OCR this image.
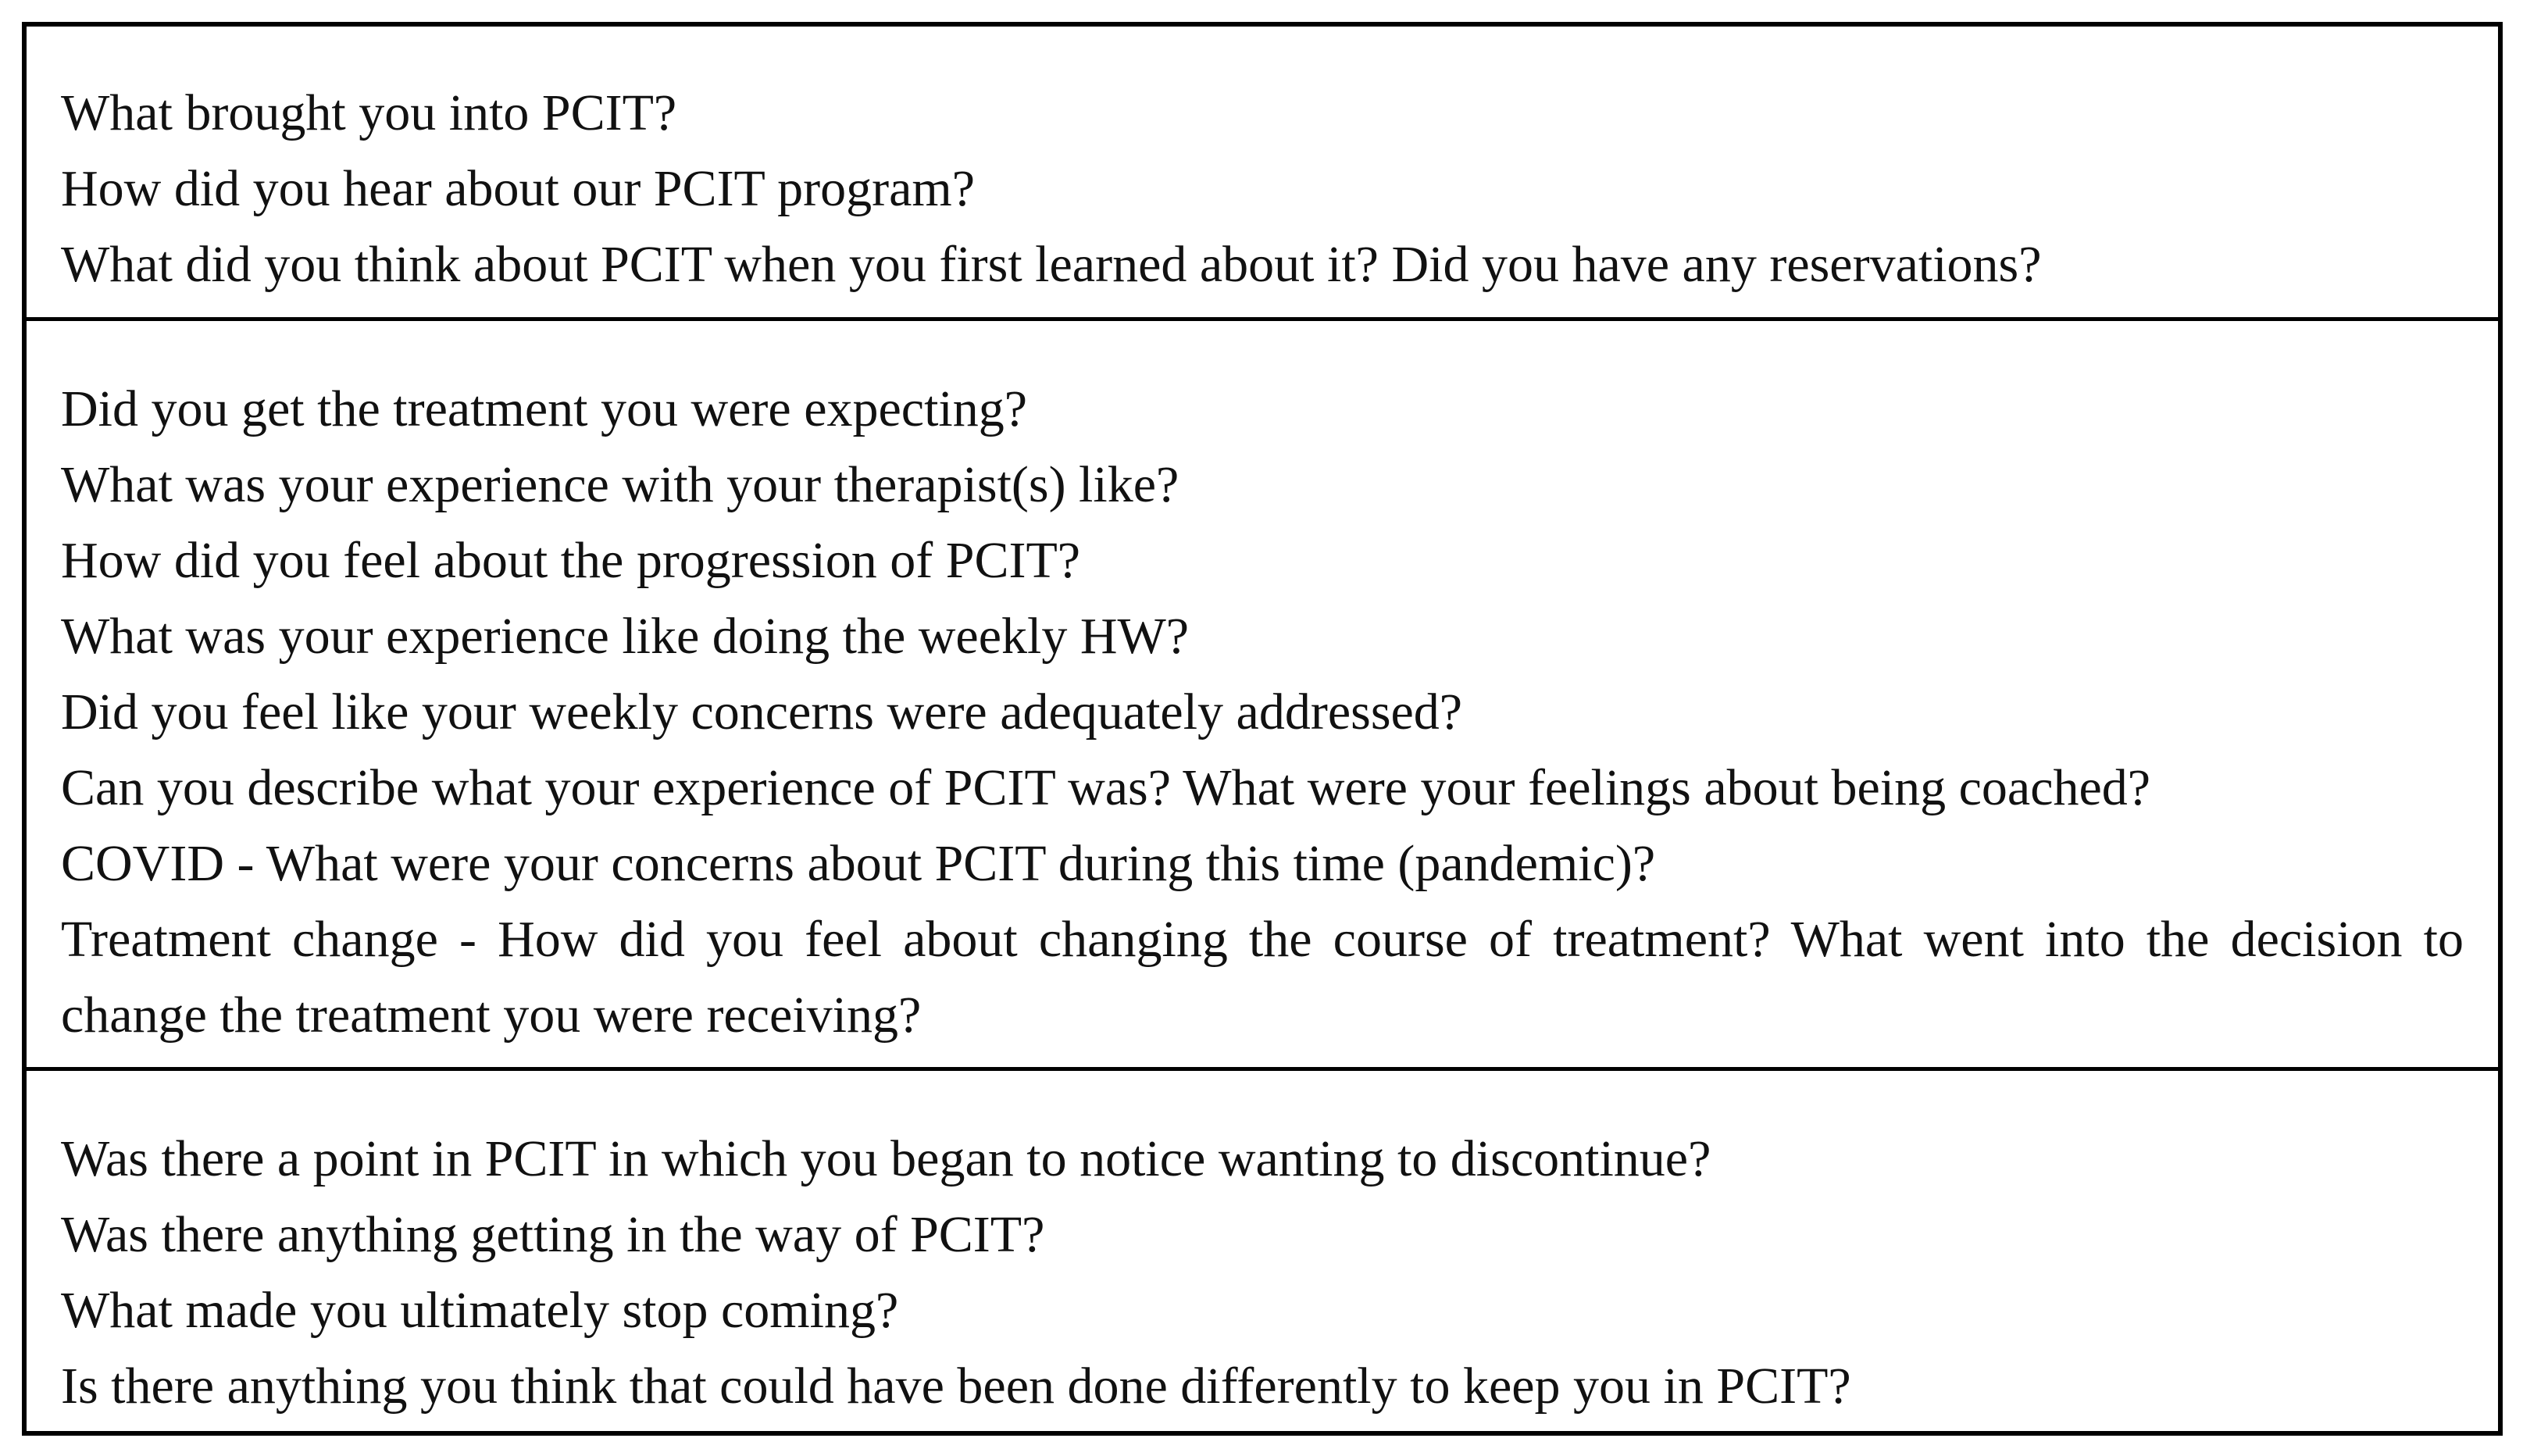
What brought you into PCIT?
How did you hear about our PCIT program?
What did you think about PCIT when you first learned about it? Did you have any reservations?
Did you get the treatment you were expecting?
What was your experience with your therapist(s) like?
How did you feel about the progression of PCIT?
What was your experience like doing the weekly HW?
Did you feel like your weekly concerns were adequately addressed?
Can you describe what your experience of PCIT was? What were your feelings about being coached?
COVID - What were your concerns about PCIT during this time (pandemic)?
Treatment change - How did you feel about changing the course of treatment? What went into the decision to change the treatment you were receiving?
Was there a point in PCIT in which you began to notice wanting to discontinue?
Was there anything getting in the way of PCIT?
What made you ultimately stop coming?
Is there anything you think that could have been done differently to keep you in PCIT?
